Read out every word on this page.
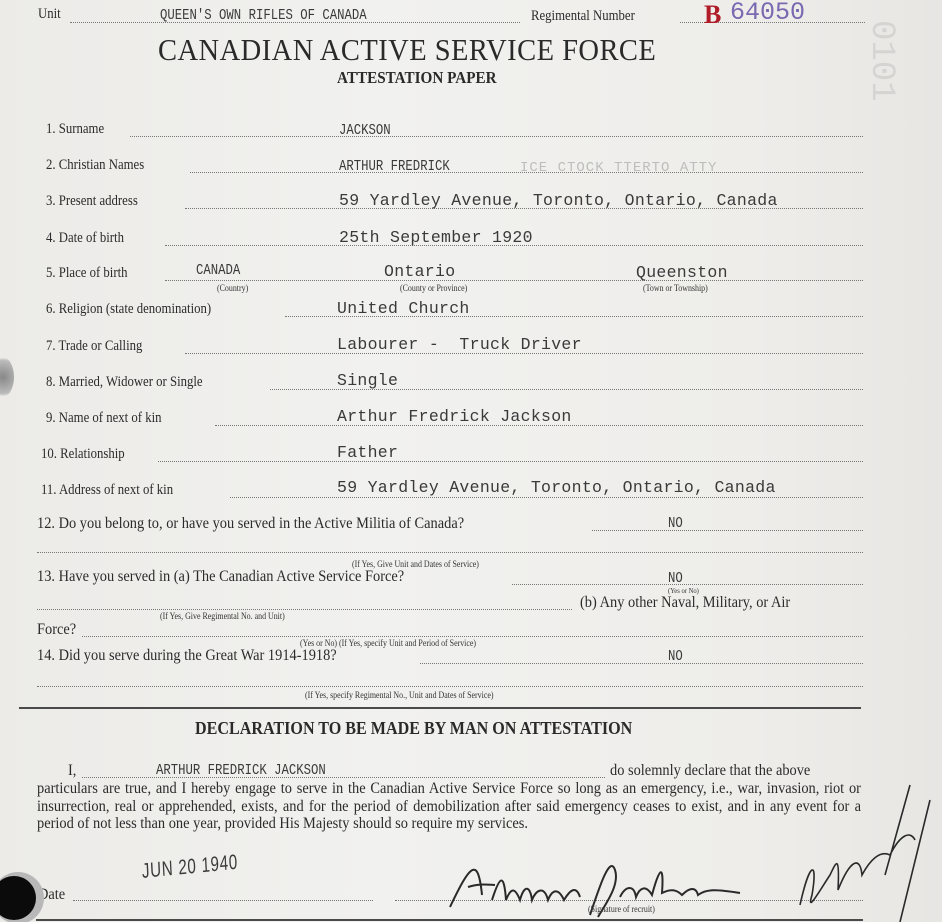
0101
Unit	QUEEN'S OWN RIFLES OF CANADA	Regimental Number	B 64050
CANADIAN ACTIVE SERVICE FORCE
ATTESTATION PAPER
1. Surname	JACKSON
2. Christian Names	ARTHUR FREDRICK	ICE CTOCK TTERTO ATTY
3. Present address	59 Yardley Avenue, Toronto, Ontario, Canada
4. Date of birth	25th September 1920
5. Place of birth	CANADA	Ontario	Queenston
(Country)	(County or Province)	(Town or Township)
6. Religion (state denomination)	United Church
7. Trade or Calling	Labourer -  Truck Driver
8. Married, Widower or Single	Single
9. Name of next of kin	Arthur Fredrick Jackson
10. Relationship	Father
11. Address of next of kin	59 Yardley Avenue, Toronto, Ontario, Canada
12. Do you belong to, or have you served in the Active Militia of Canada?	NO
(If Yes, Give Unit and Dates of Service)
13. Have you served in (a) The Canadian Active Service Force?	NO
(Yes or No)
(b) Any other Naval, Military, or Air
(If Yes, Give Regimental No. and Unit)
Force?
(Yes or No) (If Yes, specify Unit and Period of Service)
14. Did you serve during the Great War 1914-1918?	NO
(If Yes, specify Regimental No., Unit and Dates of Service)
DECLARATION TO BE MADE BY MAN ON ATTESTATION
I,	ARTHUR FREDRICK JACKSON	do solemnly declare that the above
particulars are true, and I hereby engage to serve in the Canadian Active Service Force so long as an emergency, i.e., war, invasion, riot or insurrection, real or apprehended, exists, and for the period of demobilization after said emergency ceases to exist, and in any event for a period of not less than one year, provided His Majesty should so require my services.
JUN 20 1940
Date
(Signature of recruit)
